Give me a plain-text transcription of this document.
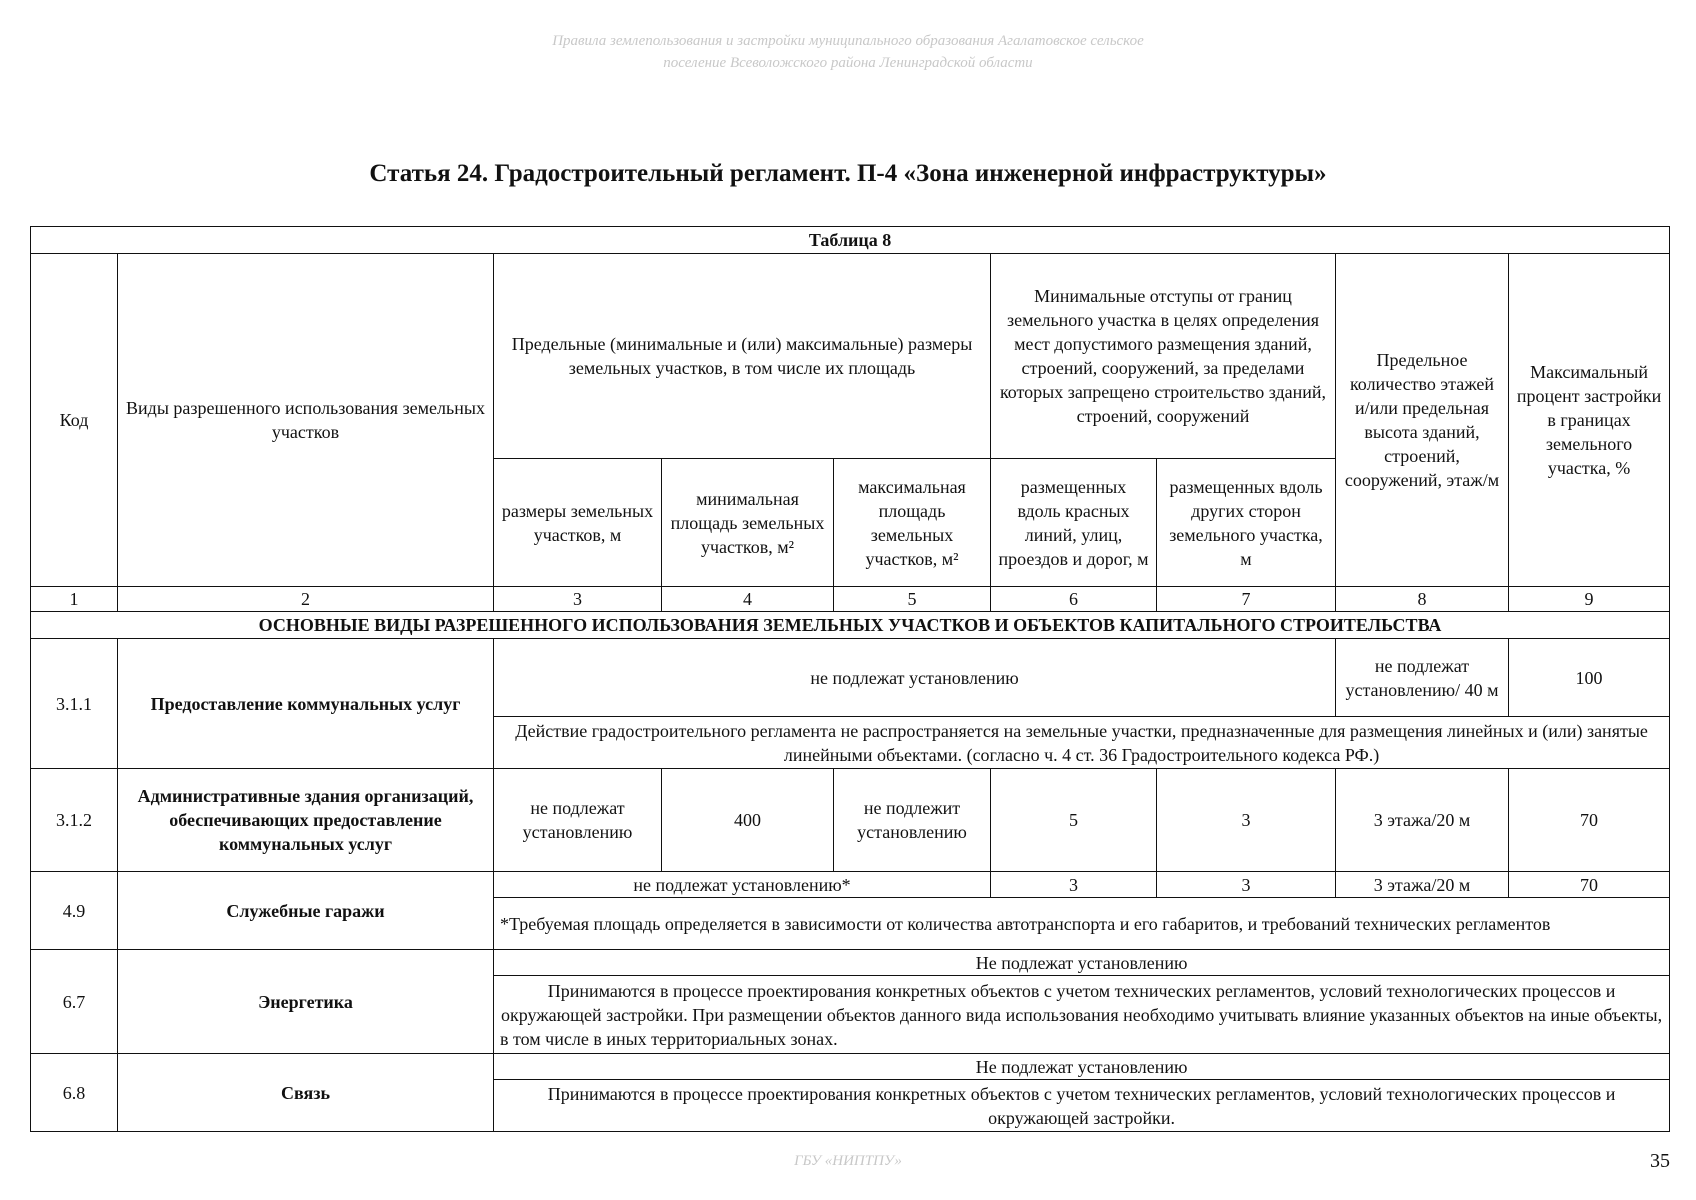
Правила землепользования и застройки муниципального образования Агалатовское сельское
поселение Всеволожского района Ленинградской области
Статья 24. Градостроительный регламент. П-4 «Зона инженерной инфраструктуры»
Таблица 8								
Код	Виды разрешенного использования земельных участков	Предельные (минимальные и (или) максимальные) размеры земельных участков, в том числе их площадь			Минимальные отступы от границ земельного участка в целях определения мест допустимого размещения зданий, строений, сооружений, за пределами которых запрещено строительство зданий, строений, сооружений		Предельное количество этажей и/или предельная высота зданий, строений, сооружений, этаж/м	Максимальный процент застройки в границах земельного участка, %
		размеры земельных участков, м	минимальная площадь земельных участков, м²	максимальная площадь земельных участков, м²	размещенных вдоль красных линий, улиц, проездов и дорог, м	размещенных вдоль других сторон земельного участка, м		
1	2	3	4	5	6	7	8	9
ОСНОВНЫЕ ВИДЫ РАЗРЕШЕННОГО ИСПОЛЬЗОВАНИЯ ЗЕМЕЛЬНЫХ УЧАСТКОВ И ОБЪЕКТОВ КАПИТАЛЬНОГО СТРОИТЕЛЬСТВА								
3.1.1	Предоставление коммунальных услуг	не подлежат установлению					не подлежат установлению/ 40 м	100
		Действие градостроительного регламента не распространяется на земельные участки, предназначенные для размещения линейных и (или) занятые линейными объектами. (согласно ч. 4 ст. 36 Градостроительного кодекса РФ.)						
3.1.2	Административные здания организаций, обеспечивающих предоставление коммунальных услуг	не подлежат установлению	400	не подлежит установлению	5	3	3 этажа/20 м	70
4.9	Служебные гаражи	не подлежат установлению*			3	3	3 этажа/20 м	70
		*Требуемая площадь определяется в зависимости от количества автотранспорта и его габаритов, и требований технических регламентов						
6.7	Энергетика	Не подлежат установлению						
		Принимаются в процессе проектирования конкретных объектов с учетом технических регламентов, условий технологических процессов и окружающей застройки. При размещении объектов данного вида использования необходимо учитывать влияние указанных объектов на иные объекты, в том числе в иных территориальных зонах.						
6.8	Связь	Не подлежат установлению						
		Принимаются в процессе проектирования конкретных объектов с учетом технических регламентов, условий технологических процессов и окружающей застройки.						
ГБУ «НИПТПУ»	35
